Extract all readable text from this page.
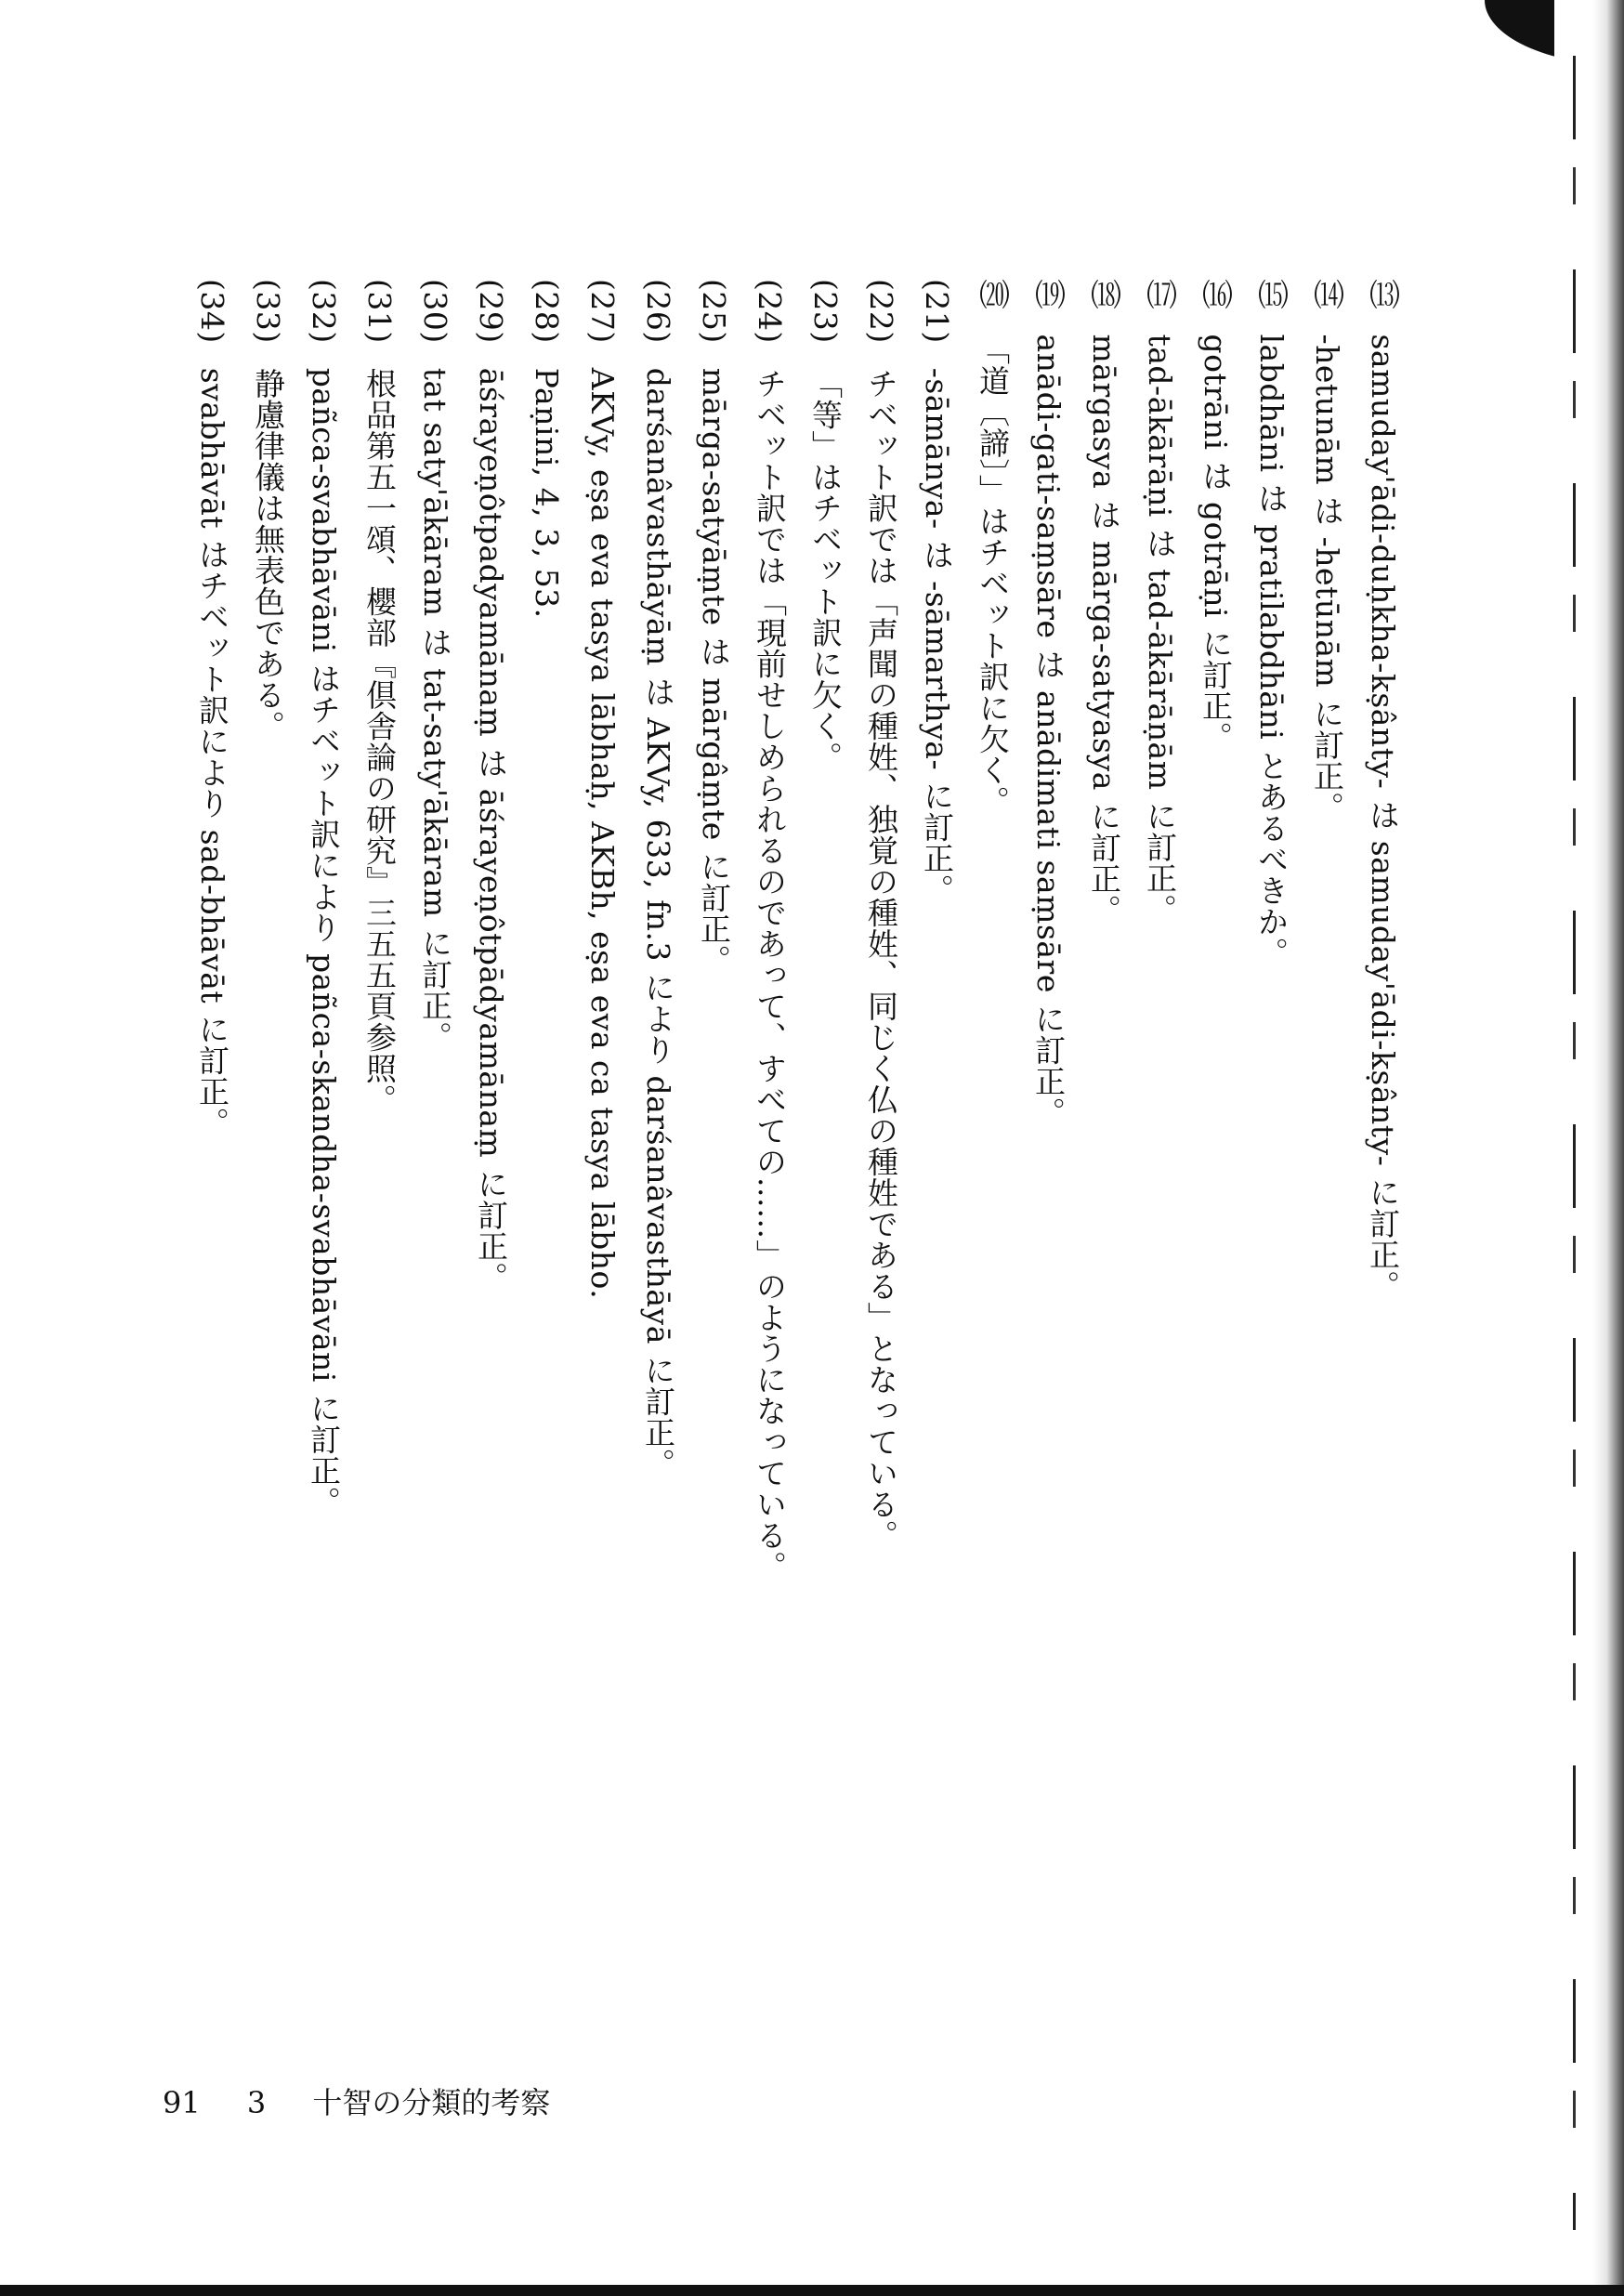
⒀samuday'ādi-duḥkha-kṣânty- は samuday'ādi-kṣânty- に訂正。
⒁-hetunām は -hetūnām に訂正。
⒂labdhāni は pratilabdhāni とあるべきか。
⒃gotrāni は gotrāṇi に訂正。
⒄tad-ākārāṇi は tad-ākārāṇām に訂正。
⒅mārgasya は mārga-satyasya に訂正。
⒆anādi-gati-saṃsāre は anādimati saṃsāre に訂正。
⒇「道〔諦〕」はチベット訳に欠く。
(21)-sāmānya- は -sāmarthya- に訂正。
(22)チベット訳では「声聞の種姓、独覚の種姓、同じく仏の種姓である」となっている。
(23)「等」はチベット訳に欠く。
(24)チベット訳では「現前せしめられるのであって、すべての……」のようになっている。
(25)mārga-satyāṃte は mārgâṃte に訂正。
(26)darśanâvasthāyāṃ は AKVy, 633, fn.3 により darśanâvasthāyā に訂正。
(27)AKVy, eṣa eva tasya lābhaḥ, AKBh, eṣa eva ca tasya lābho.
(28)Paṇini, 4, 3, 53.
(29)āśrayeṇôtpadyamānaṃ は āśrayeṇôtpādyamānaṃ に訂正。
(30)tat saty'ākāram は tat-saty'ākāram に訂正。
(31)根品第五一頌、櫻部『倶舎論の研究』三五五頁参照。
(32)pañca-svabhāvāni はチベット訳により pañca-skandha-svabhāvāni に訂正。
(33)静慮律儀は無表色である。
(34)svabhāvāt はチベット訳により sad-bhāvāt に訂正。
91 3 十智の分類的考察
